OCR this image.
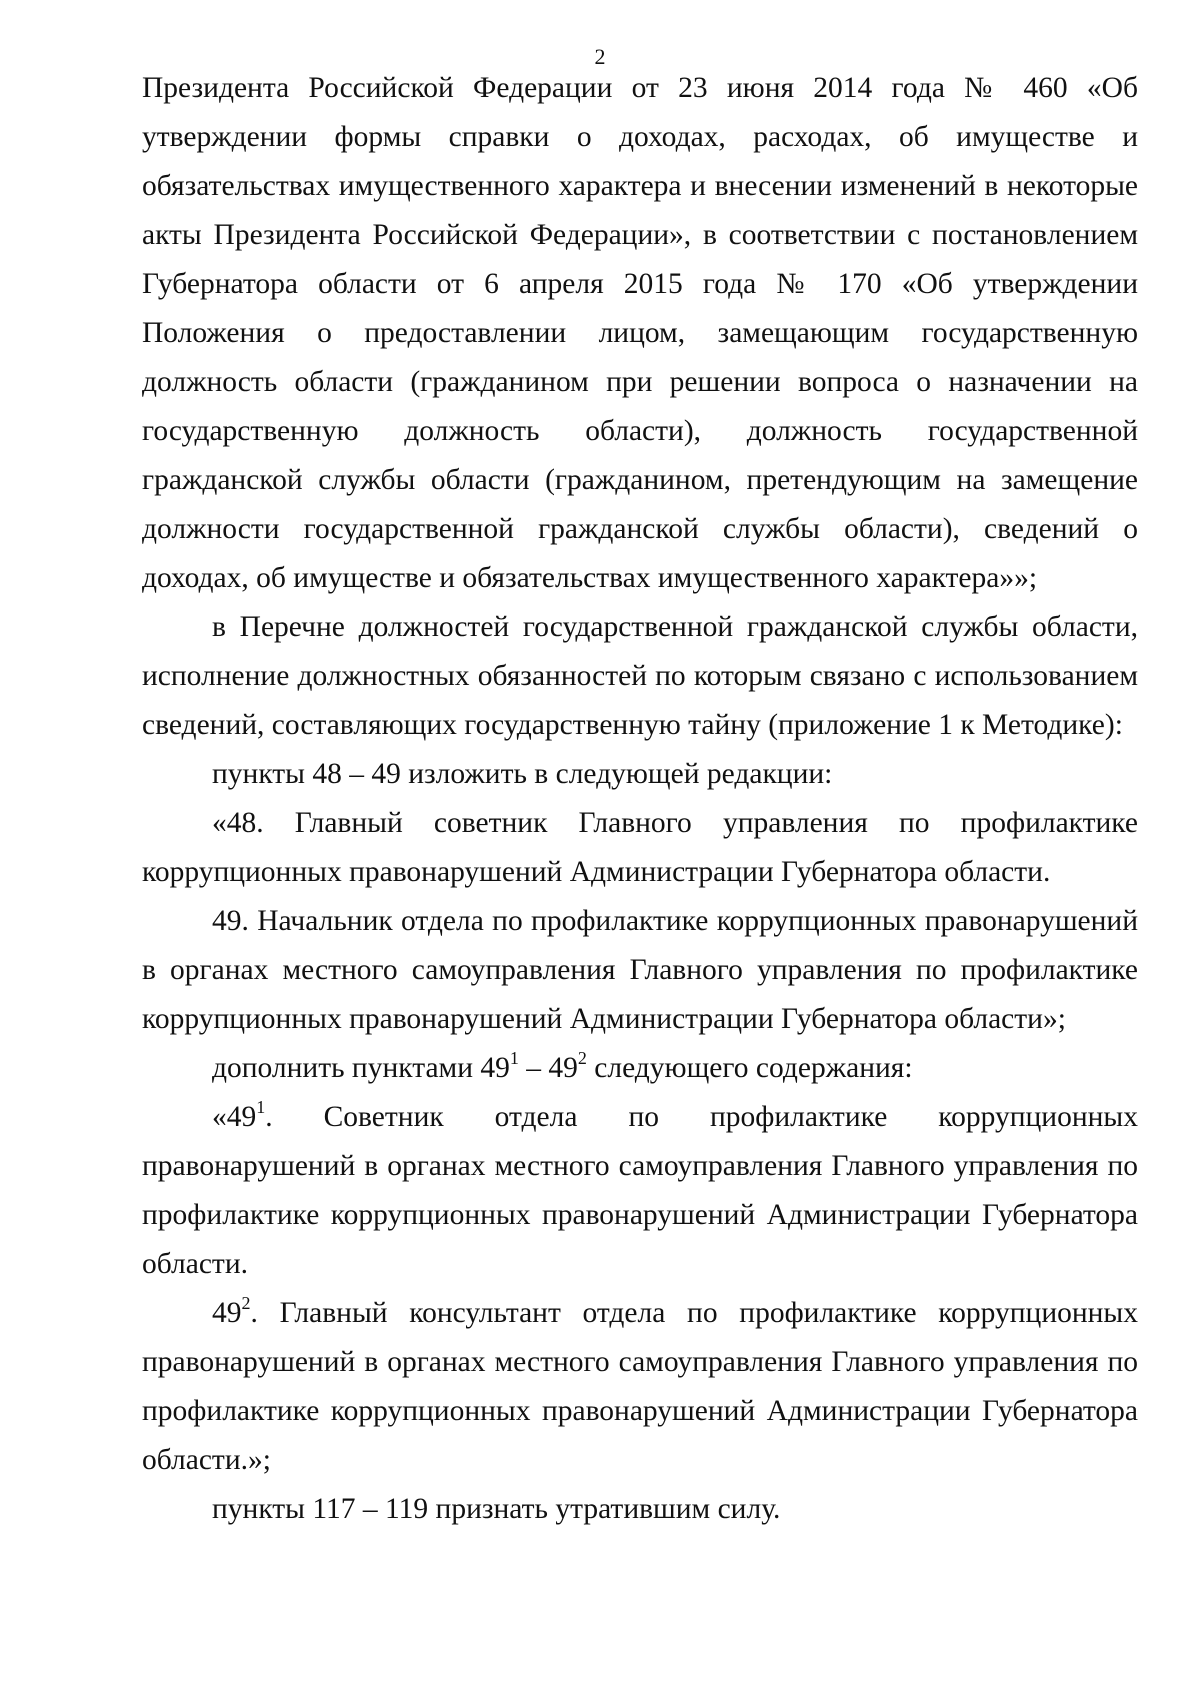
2

Президента Российской Федерации от 23 июня 2014 года № 460 «Об утверждении формы справки о доходах, расходах, об имуществе и обязательствах имущественного характера и внесении изменений в некоторые акты Президента Российской Федерации», в соответствии с постановлением Губернатора области от 6 апреля 2015 года № 170 «Об утверждении Положения о предоставлении лицом, замещающим государственную должность области (гражданином при решении вопроса о назначении на государственную должность области), должность государственной гражданской службы области (гражданином, претендующим на замещение должности государственной гражданской службы области), сведений о доходах, об имуществе и обязательствах имущественного характера»»;

в Перечне должностей государственной гражданской службы области, исполнение должностных обязанностей по которым связано с использованием сведений, составляющих государственную тайну (приложение 1 к Методике):

пункты 48 – 49 изложить в следующей редакции:

«48. Главный советник Главного управления по профилактике коррупционных правонарушений Администрации Губернатора области.

49. Начальник отдела по профилактике коррупционных правонарушений в органах местного самоуправления Главного управления по профилактике коррупционных правонарушений Администрации Губернатора области»;

дополнить пунктами $49^1 - 49^2$ следующего содержания:

«$49^1$. Советник отдела по профилактике коррупционных правонарушений в органах местного самоуправления Главного управления по профилактике коррупционных правонарушений Администрации Губернатора области.

$49^2$. Главный консультант отдела по профилактике коррупционных правонарушений в органах местного самоуправления Главного управления по профилактике коррупционных правонарушений Администрации Губернатора области.»;

пункты 117 – 119 признать утратившим силу.
